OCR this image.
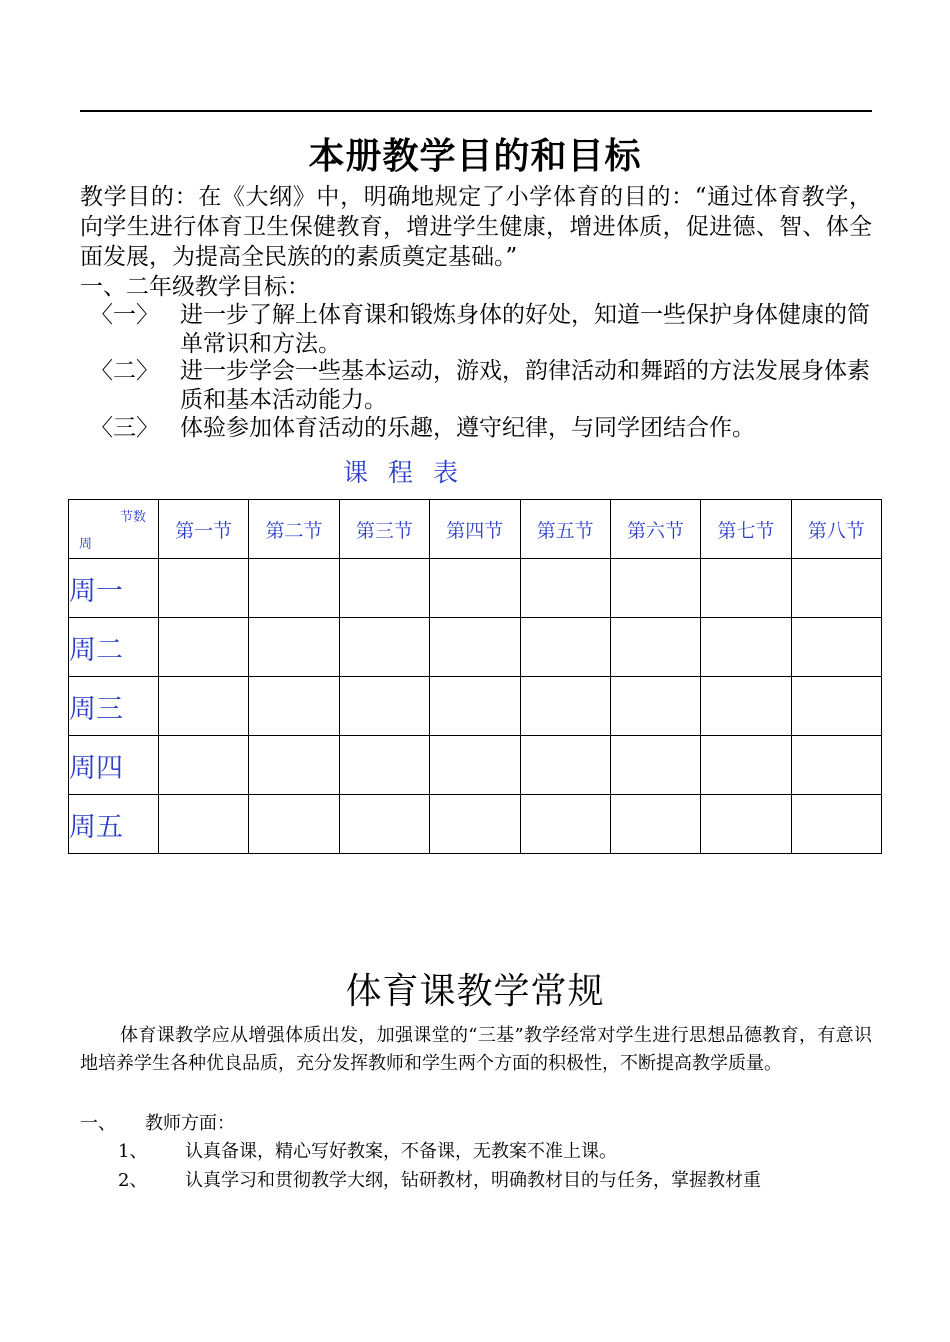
本册教学目的和目标

教学目的：在《大纲》中，明确地规定了小学体育的目的：“通过体育教学，向学生进行体育卫生保健教育，增进学生健康，增进体质，促进德、智、体全面发展，为提高全民族的的素质奠定基础。”

一、二年级教学目标：

〈一〉 进一步了解上体育课和锻炼身体的好处，知道一些保护身体健康的简单常识和方法。
〈二〉 进一步学会一些基本运动，游戏，韵律活动和舞蹈的方法发展身体素质和基本活动能力。
〈三〉 体验参加体育活动的乐趣，遵守纪律，与同学团结合作。
课程表
节数
周	第一节	第二节	第三节	第四节	第五节	第六节	第七节	第八节
周一								
周二								
周三								
周四								
周五								
体育课教学常规

体育课教学应从增强体质出发，加强课堂的“三基”教学经常对学生进行思想品德教育，有意识地培养学生各种优良品质，充分发挥教师和学生两个方面的积极性，不断提高教学质量。

一、 教师方面：
1、 认真备课，精心写好教案，不备课，无教案不准上课。
2、 认真学习和贯彻教学大纲，钻研教材，明确教材目的与任务，掌握教材重
